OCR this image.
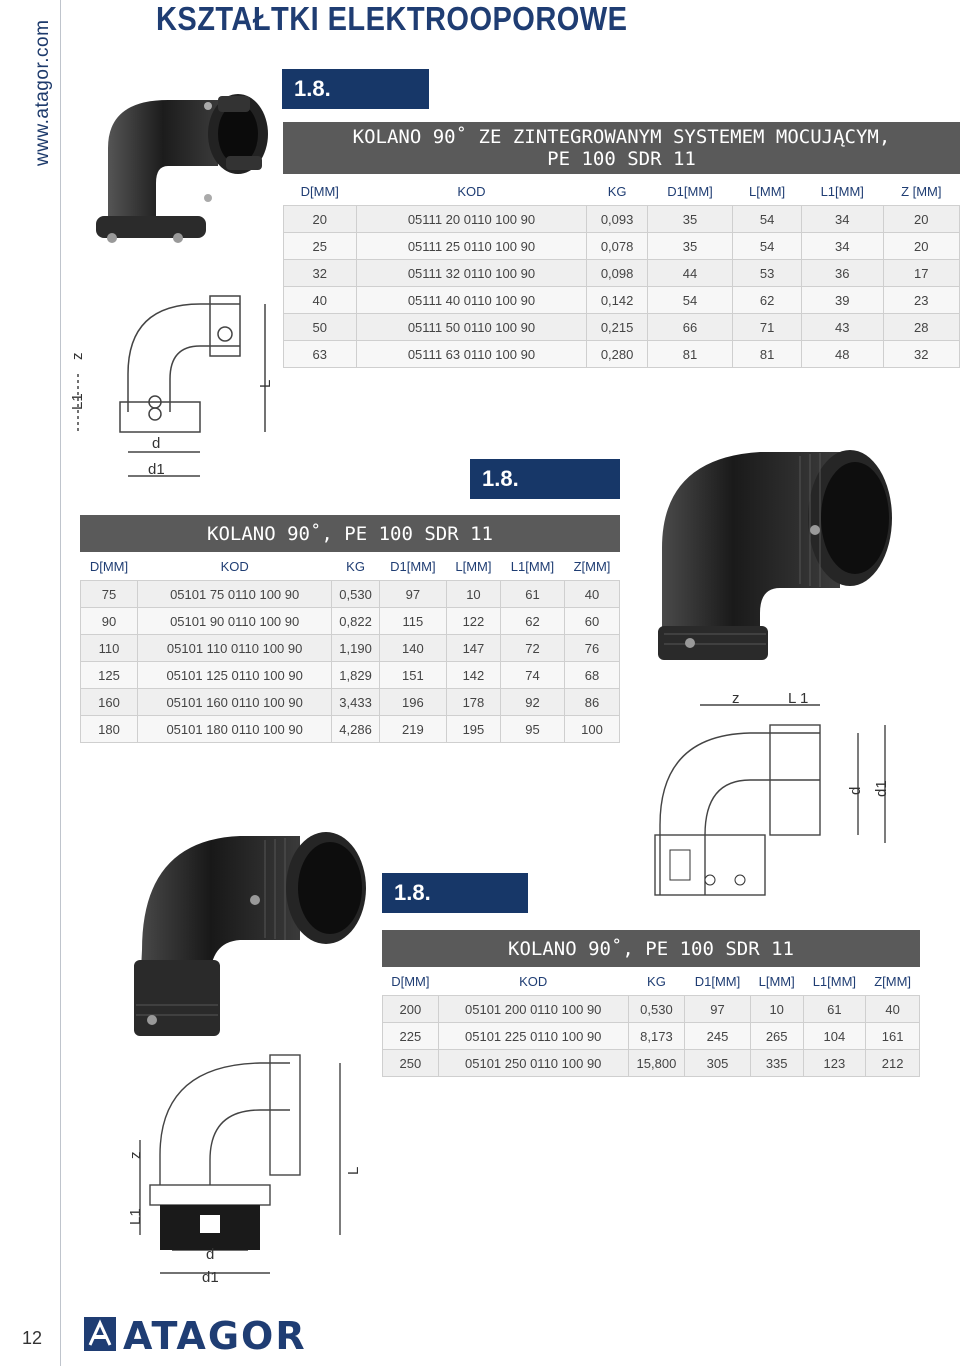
www.atagor.com
KSZTAŁTKI ELEKTROOPOROWE
1.8.
KOLANO 90˚ ZE ZINTEGROWANYM SYSTEMEM MOCUJĄCYM,
PE 100 SDR 11
D[MM]	KOD	KG	D1[MM]	L[MM]	L1[MM]	Z [MM]
20	05111 20 0110 100 90	0,093	35	54	34	20
25	05111 25 0110 100 90	0,078	35	54	34	20
32	05111 32 0110 100 90	0,098	44	53	36	17
40	05111 40 0110 100 90	0,142	54	62	39	23
50	05111 50 0110 100 90	0,215	66	71	43	28
63	05111 63 0110 100 90	0,280	81	81	48	32
z
L1
L
d
d1	1.8.
KOLANO 90˚, PE 100 SDR 11
D[MM]	KOD	KG	D1[MM]	L[MM]	L1[MM]	Z[MM]
75	05101 75 0110 100 90	0,530	97	10	61	40
90	05101 90 0110 100 90	0,822	115	122	62	60
110	05101 110 0110 100 90	1,190	140	147	72	76
125	05101 125 0110 100 90	1,829	151	142	74	68
160	05101 160 0110 100 90	3,433	196	178	92	86
180	05101 180 0110 100 90	4,286	219	195	95	100
z	L 1
d d1
1.8.
KOLANO 90˚, PE 100 SDR 11
D[MM]	KOD	KG	D1[MM]	L[MM]	L1[MM]	Z[MM]
200	05101 200 0110 100 90	0,530	97	10	61	40
225	05101 225 0110 100 90	8,173	245	265	104	161
250	05101 250 0110 100 90	15,800	305	335	123	212
z
L1
L
d
d1
12 ATAGOR
